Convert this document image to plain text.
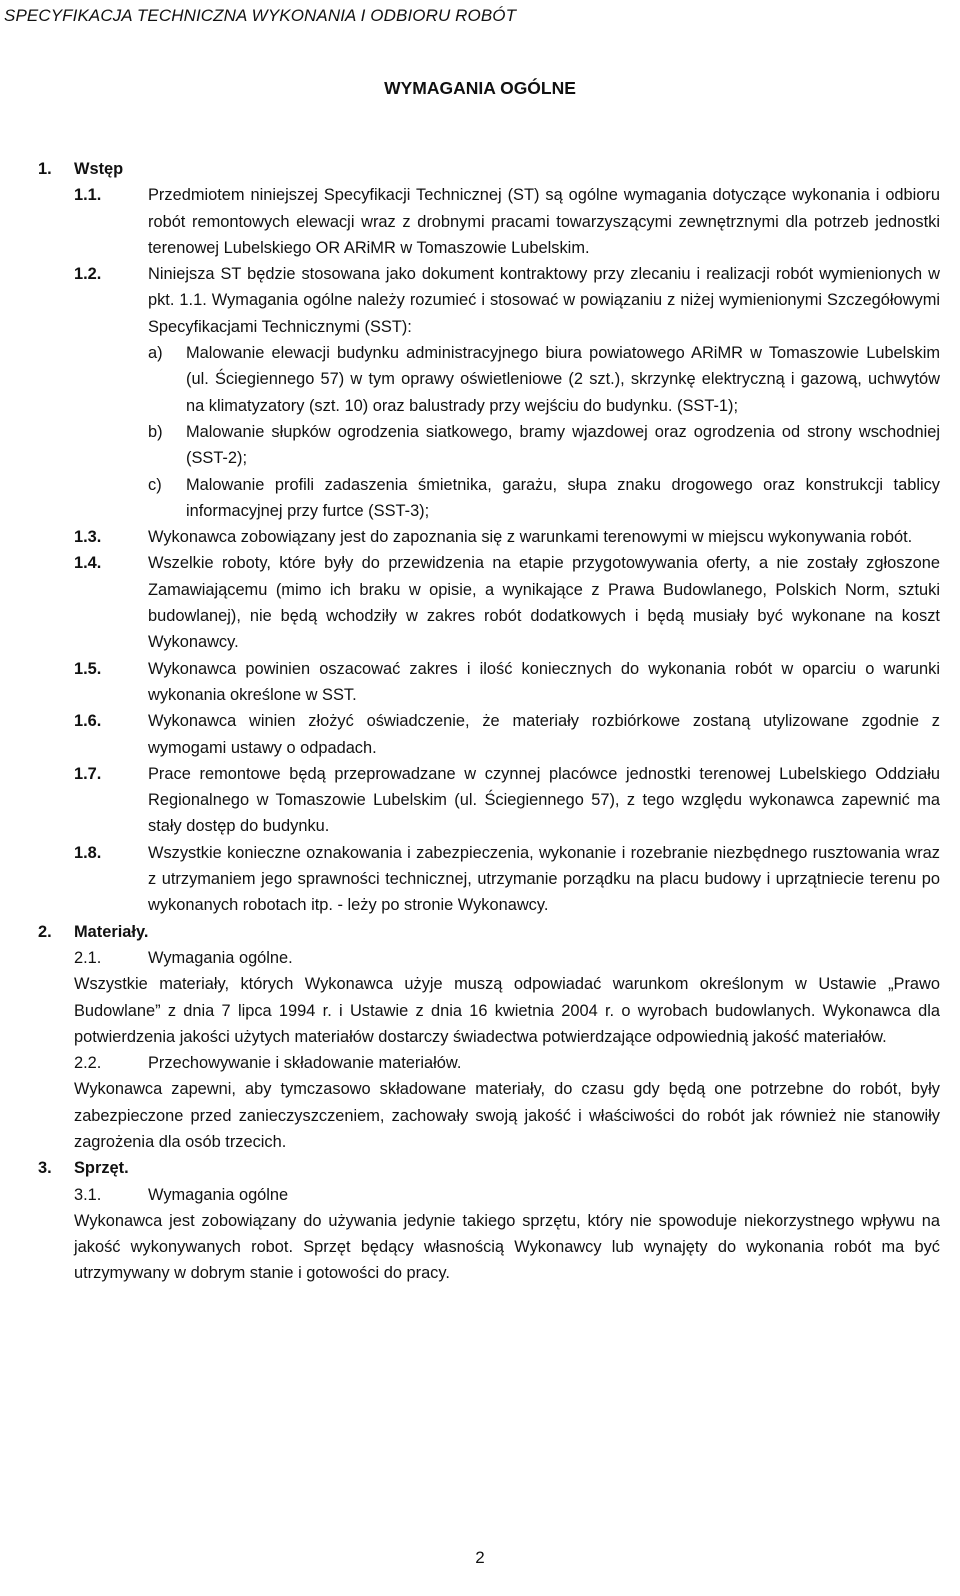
SPECYFIKACJA TECHNICZNA WYKONANIA I ODBIORU ROBÓT
WYMAGANIA OGÓLNE
1. Wstęp
1.1.	Przedmiotem niniejszej Specyfikacji Technicznej (ST) są ogólne wymagania dotyczące wykonania i odbioru robót remontowych elewacji wraz z drobnymi pracami towarzyszącymi zewnętrznymi dla potrzeb jednostki terenowej Lubelskiego OR ARiMR w Tomaszowie Lubelskim.
1.2.	Niniejsza ST będzie stosowana jako dokument kontraktowy przy zlecaniu i realizacji robót wymienionych w pkt. 1.1. Wymagania ogólne należy rozumieć i stosować w powiązaniu z niżej wymienionymi Szczegółowymi Specyfikacjami Technicznymi (SST):
a) Malowanie elewacji budynku administracyjnego biura powiatowego ARiMR w Tomaszowie Lubelskim (ul. Ściegiennego 57) w tym oprawy oświetleniowe (2 szt.), skrzynkę elektryczną i gazową, uchwytów na klimatyzatory (szt. 10) oraz balustrady przy wejściu do budynku. (SST-1);
b) Malowanie słupków ogrodzenia siatkowego, bramy wjazdowej oraz ogrodzenia od strony wschodniej (SST-2);
c) Malowanie profili zadaszenia śmietnika, garażu, słupa znaku drogowego oraz konstrukcji tablicy informacyjnej przy furtce (SST-3);
1.3.	Wykonawca zobowiązany jest do zapoznania się z warunkami terenowymi w miejscu wykonywania robót.
1.4.	Wszelkie roboty, które były do przewidzenia na etapie przygotowywania oferty, a nie zostały zgłoszone Zamawiającemu (mimo ich braku w opisie, a wynikające z Prawa Budowlanego, Polskich Norm, sztuki budowlanej), nie będą wchodziły w zakres robót dodatkowych i będą musiały być wykonane na koszt Wykonawcy.
1.5.	Wykonawca powinien oszacować zakres i ilość koniecznych do wykonania robót w oparciu o warunki wykonania określone w SST.
1.6.	Wykonawca winien złożyć oświadczenie, że materiały rozbiórkowe zostaną utylizowane zgodnie z wymogami ustawy o odpadach.
1.7.	Prace remontowe będą przeprowadzane w czynnej placówce jednostki terenowej Lubelskiego Oddziału Regionalnego w Tomaszowie Lubelskim (ul. Ściegiennego 57), z tego względu wykonawca zapewnić ma stały dostęp do budynku.
1.8.	Wszystkie konieczne oznakowania i zabezpieczenia, wykonanie i rozebranie niezbędnego rusztowania wraz z utrzymaniem jego sprawności technicznej, utrzymanie porządku na placu budowy i uprzątniecie terenu po wykonanych robotach itp. - leży po stronie Wykonawcy.
2. Materiały.
2.1.	Wymagania ogólne.
Wszystkie materiały, których Wykonawca użyje muszą odpowiadać warunkom określonym w Ustawie „Prawo Budowlane” z dnia 7 lipca 1994 r. i Ustawie z dnia 16 kwietnia 2004 r. o wyrobach budowlanych. Wykonawca dla potwierdzenia jakości użytych materiałów dostarczy świadectwa potwierdzające odpowiednią jakość materiałów.
2.2.	Przechowywanie i składowanie materiałów.
Wykonawca zapewni, aby tymczasowo składowane materiały, do czasu gdy będą one potrzebne do robót, były zabezpieczone przed zanieczyszczeniem, zachowały swoją jakość i właściwości do robót jak również nie stanowiły zagrożenia dla osób trzecich.
3. Sprzęt.
3.1.	Wymagania ogólne
Wykonawca jest zobowiązany do używania jedynie takiego sprzętu, który nie spowoduje niekorzystnego wpływu na jakość wykonywanych robot. Sprzęt będący własnością Wykonawcy lub wynajęty do wykonania robót ma być utrzymywany w dobrym stanie i gotowości do pracy.
2
